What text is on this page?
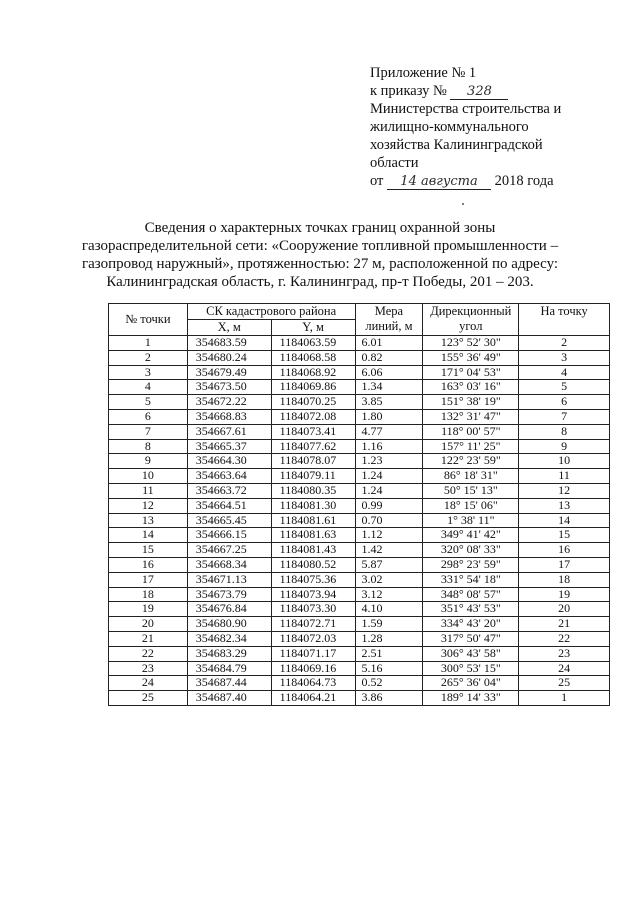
Приложение № 1
к приказу № 328
Министерства строительства и
жилищно-коммунального
хозяйства Калининградской
области
от 14 августа 2018 года
Сведения о характерных точках границ охранной зоны
газораспределительной сети: «Сооружение топливной промышленности –
газопровод наружный», протяженностью: 27 м, расположенной по адресу:
Калининградская область, г. Калининград, пр-т Победы, 201 – 203.
№ точки	СК кадастрового района		Мера линий, м	Дирекционный угол	На точку
	X, м	Y, м			
1	354683.59	1184063.59	6.01	123° 52' 30"	2
2	354680.24	1184068.58	0.82	155° 36' 49"	3
3	354679.49	1184068.92	6.06	171° 04' 53"	4
4	354673.50	1184069.86	1.34	163° 03' 16"	5
5	354672.22	1184070.25	3.85	151° 38' 19"	6
6	354668.83	1184072.08	1.80	132° 31' 47"	7
7	354667.61	1184073.41	4.77	118° 00' 57"	8
8	354665.37	1184077.62	1.16	157° 11' 25"	9
9	354664.30	1184078.07	1.23	122° 23' 59"	10
10	354663.64	1184079.11	1.24	86° 18' 31"	11
11	354663.72	1184080.35	1.24	50° 15' 13"	12
12	354664.51	1184081.30	0.99	18° 15' 06"	13
13	354665.45	1184081.61	0.70	1° 38' 11"	14
14	354666.15	1184081.63	1.12	349° 41' 42"	15
15	354667.25	1184081.43	1.42	320° 08' 33"	16
16	354668.34	1184080.52	5.87	298° 23' 59"	17
17	354671.13	1184075.36	3.02	331° 54' 18"	18
18	354673.79	1184073.94	3.12	348° 08' 57"	19
19	354676.84	1184073.30	4.10	351° 43' 53"	20
20	354680.90	1184072.71	1.59	334° 43' 20"	21
21	354682.34	1184072.03	1.28	317° 50' 47"	22
22	354683.29	1184071.17	2.51	306° 43' 58"	23
23	354684.79	1184069.16	5.16	300° 53' 15"	24
24	354687.44	1184064.73	0.52	265° 36' 04"	25
25	354687.40	1184064.21	3.86	189° 14' 33"	1
